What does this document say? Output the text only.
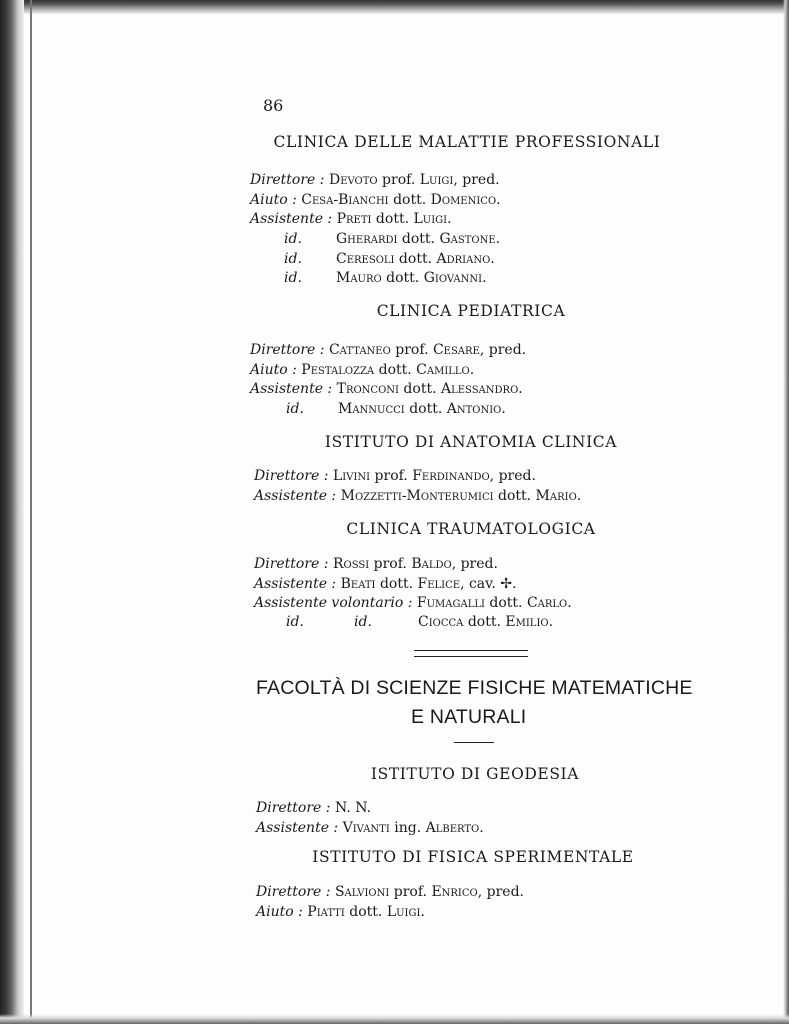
86
CLINICA DELLE MALATTIE PROFESSIONALI
Direttore : Devoto prof. Luigi, pred.
Aiuto : Cesa-Bianchi dott. Domenico.
Assistente : Preti dott. Luigi.
id. Gherardi dott. Gastone.
id. Ceresoli dott. Adriano.
id. Mauro dott. Giovanni.
CLINICA PEDIATRICA
Direttore : Cattaneo prof. Cesare, pred.
Aiuto : Pestalozza dott. Camillo.
Assistente : Tronconi dott. Alessandro.
id. Mannucci dott. Antonio.
ISTITUTO DI ANATOMIA CLINICA
Direttore : Livini prof. Ferdinando, pred.
Assistente : Mozzetti-Monterumici dott. Mario.
CLINICA TRAUMATOLOGICA
Direttore : Rossi prof. Baldo, pred.
Assistente : Beati dott. Felice, cav. ✢.
Assistente volontario : Fumagalli dott. Carlo.
id.	id.	Ciocca dott. Emilio.
FACOLTÀ DI SCIENZE FISICHE MATEMATICHE
E NATURALI
ISTITUTO DI GEODESIA
Direttore : N. N.
Assistente : Vivanti ing. Alberto.
ISTITUTO DI FISICA SPERIMENTALE
Direttore : Salvioni prof. Enrico, pred.
Aiuto : Piatti dott. Luigi.
